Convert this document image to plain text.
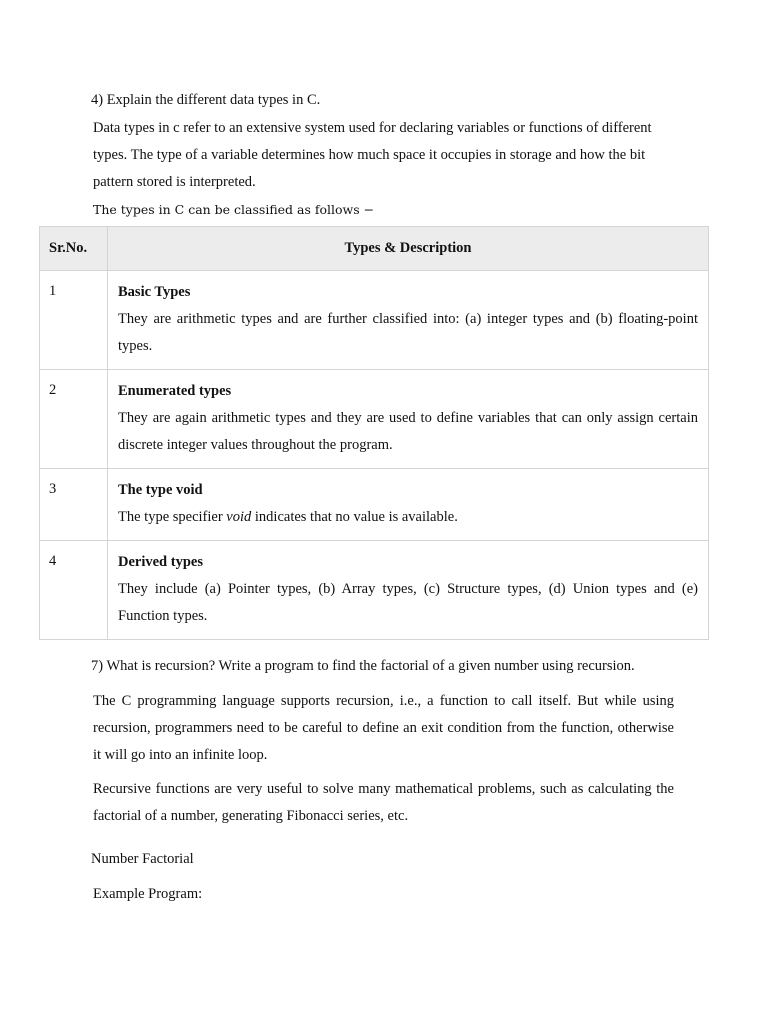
4) Explain the different data types in C.

Data types in c refer to an extensive system used for declaring variables or functions of different types. The type of a variable determines how much space it occupies in storage and how the bit pattern stored is interpreted.

The types in C can be classified as follows −

Sr.No.	Types & Description
1	Basic Types
They are arithmetic types and are further classified into: (a) integer types and (b) floating-point types.

2	Enumerated types
They are again arithmetic types and they are used to define variables that can only assign certain discrete integer values throughout the program.

3	The type void
The type specifier void indicates that no value is available.

4	Derived types
They include (a) Pointer types, (b) Array types, (c) Structure types, (d) Union types and (e) Function types.

7) What is recursion? Write a program to find the factorial of a given number using recursion.

The C programming language supports recursion, i.e., a function to call itself. But while using recursion, programmers need to be careful to define an exit condition from the function, otherwise it will go into an infinite loop.

Recursive functions are very useful to solve many mathematical problems, such as calculating the factorial of a number, generating Fibonacci series, etc.

Number Factorial

Example Program:
